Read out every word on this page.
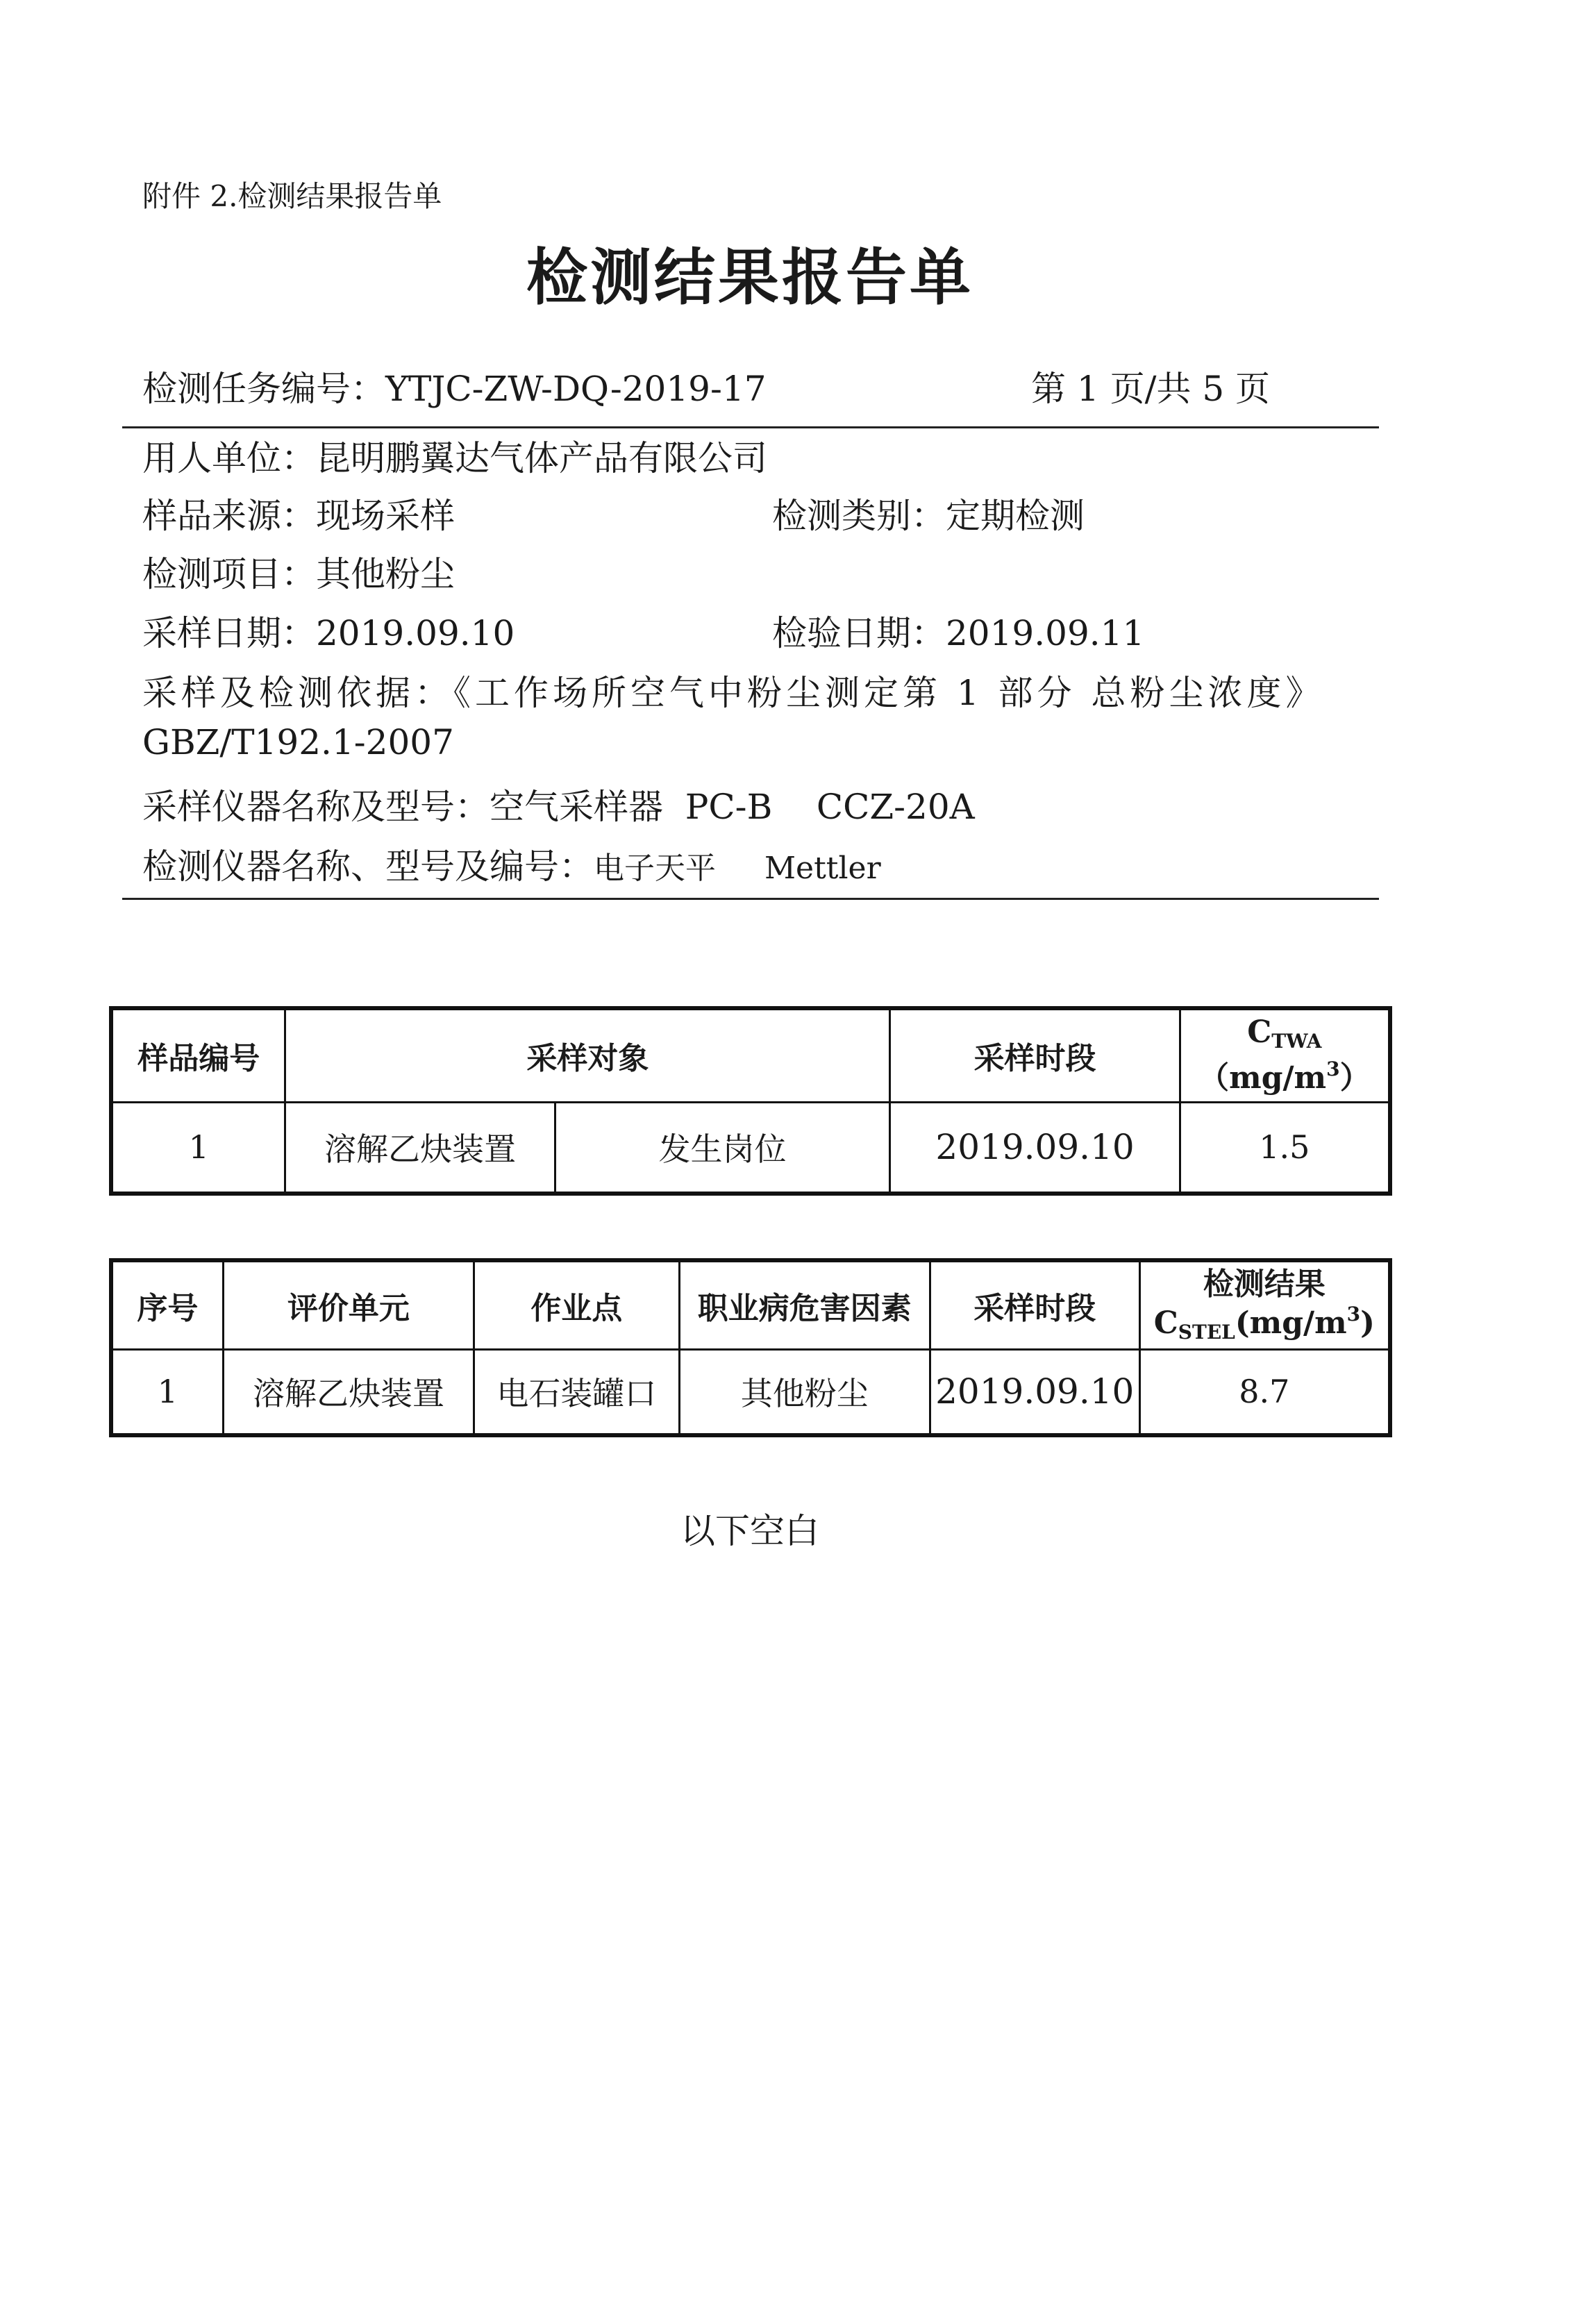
附件 2.检测结果报告单
检测结果报告单
检测任务编号：YTJC-ZW-DQ-2019-17	第 1 页/共 5 页
用人单位：昆明鹏翼达气体产品有限公司
样品来源：现场采样	检测类别：定期检测
检测项目：其他粉尘
采样日期：2019.09.10	检验日期：2019.09.11
采样及检测依据：《工作场所空气中粉尘测定第 1 部分 总粉尘浓度》
GBZ/T192.1-2007
采样仪器名称及型号：空气采样器  PC-B    CCZ-20A
检测仪器名称、型号及编号：电子天平 Mettler
样品编号	采样对象		采样时段	$C_{TWA}$
$(mg/m^3)$
1	溶解乙炔装置	发生岗位	2019.09.10	1.5
序号	评价单元	作业点	职业病危害因素	采样时段	检测结果
$C_{STEL}(mg/m^3)$
1	溶解乙炔装置	电石装罐口	其他粉尘	2019.09.10	8.7
以下空白
